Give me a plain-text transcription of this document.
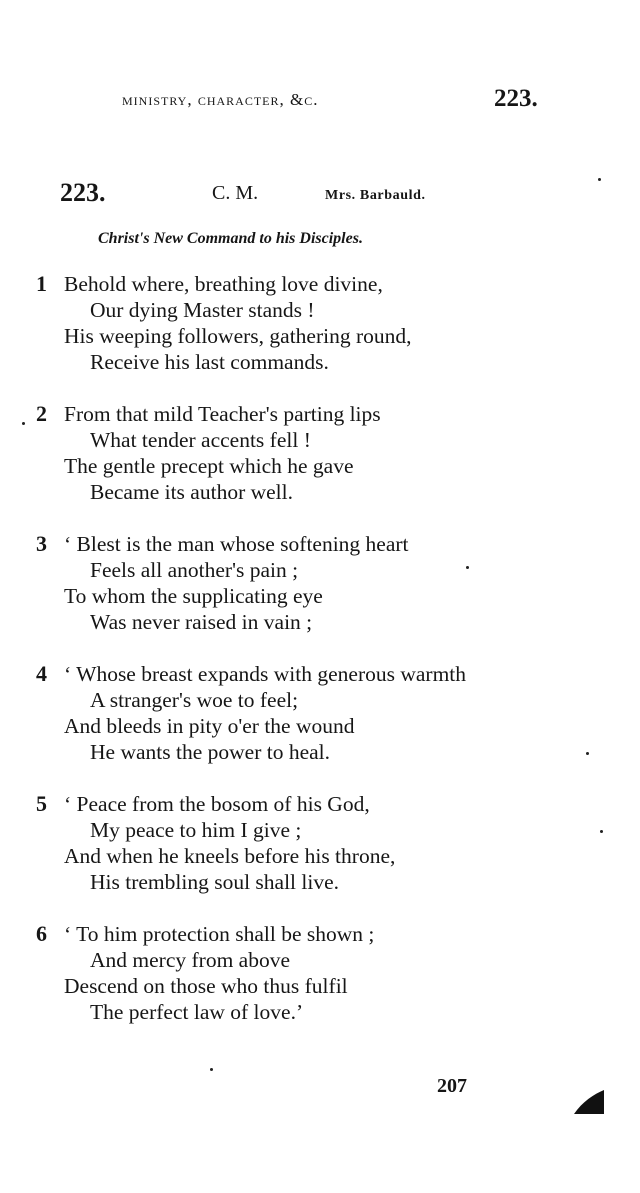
ministry, character, &c.	223.
223.	C. M.	Mrs. Barbauld.
Christ's New Command to his Disciples.
1 Behold where, breathing love divine,
Our dying Master stands !
His weeping followers, gathering round,
Receive his last commands.
2 From that mild Teacher's parting lips
What tender accents fell !
The gentle precept which he gave
Became its author well.
3 ‘ Blest is the man whose softening heart
Feels all another's pain ;
To whom the supplicating eye
Was never raised in vain ;
4 ‘ Whose breast expands with generous warmth
A stranger's woe to feel;
And bleeds in pity o'er the wound
He wants the power to heal.
5 ‘ Peace from the bosom of his God,
My peace to him I give ;
And when he kneels before his throne,
His trembling soul shall live.
6 ‘ To him protection shall be shown ;
And mercy from above
Descend on those who thus fulfil
The perfect law of love.’
207
